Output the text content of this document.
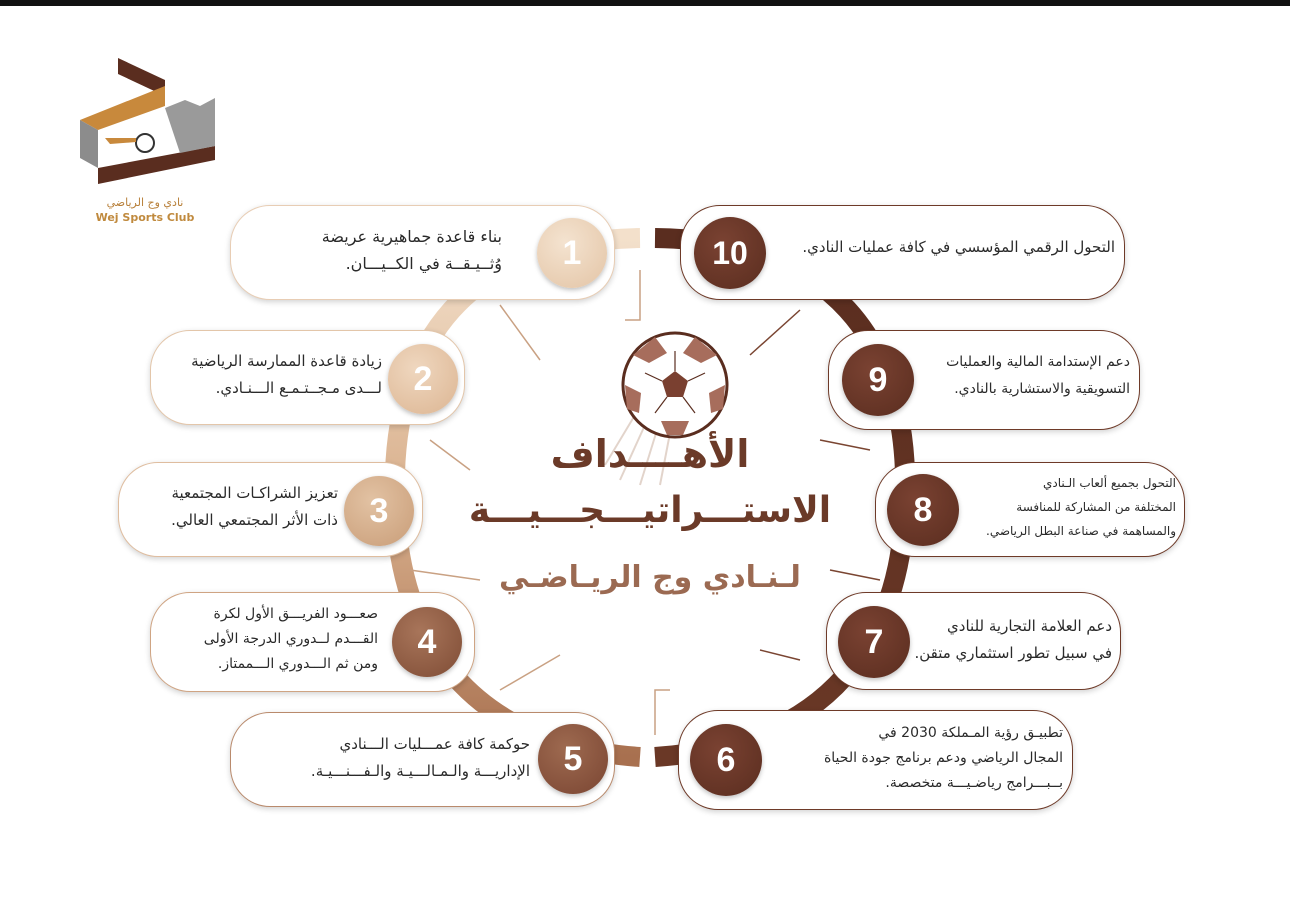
نادي وج الرياضي
Wej Sports Club
الأهــــداف
الاستـــراتيـــجـــيـــة
لـنـادي وج الريـاضـي
بناء قاعدة جماهيرية عريضة
وُثــيـقــة في الكــيـــان.	1
زيادة قاعدة الممارسة الرياضية
لـــدى مـجــتـمـع الـــنـادي. 2
تعزيز الشراكـات المجتمعية
ذات الأثر المجتمعي العالي. 3
صعـــود الفريـــق الأول لكرة
القـــدم لــدوري الدرجة الأولى
ومن ثم الـــدوري الـــممتاز.
4
حوكمة كافة عمـــليات الـــنادي
الإداريـــة والـمـالـــيـة والـفـــنـــيـة. 5
تطبيـق رؤية المـملكة 2030 في
المجال الرياضي ودعم برنامج جودة الحياة
بــبـــرامج رياضـيـــة متخصصة.
6
دعم العلامة التجارية للنادي
في سبيل تطور استثماري متقن.
7
التحول بجميع ألعاب الـنادي
المختلفة من المشاركة للمنافسة
والمساهمة في صناعة البطل الرياضي.
8
دعم الإستدامة المالية والعمليات
التسويقية والاستشارية بالنادي.
9
التحول الرقمي المؤسسي في كافة عمليات النادي.
10
